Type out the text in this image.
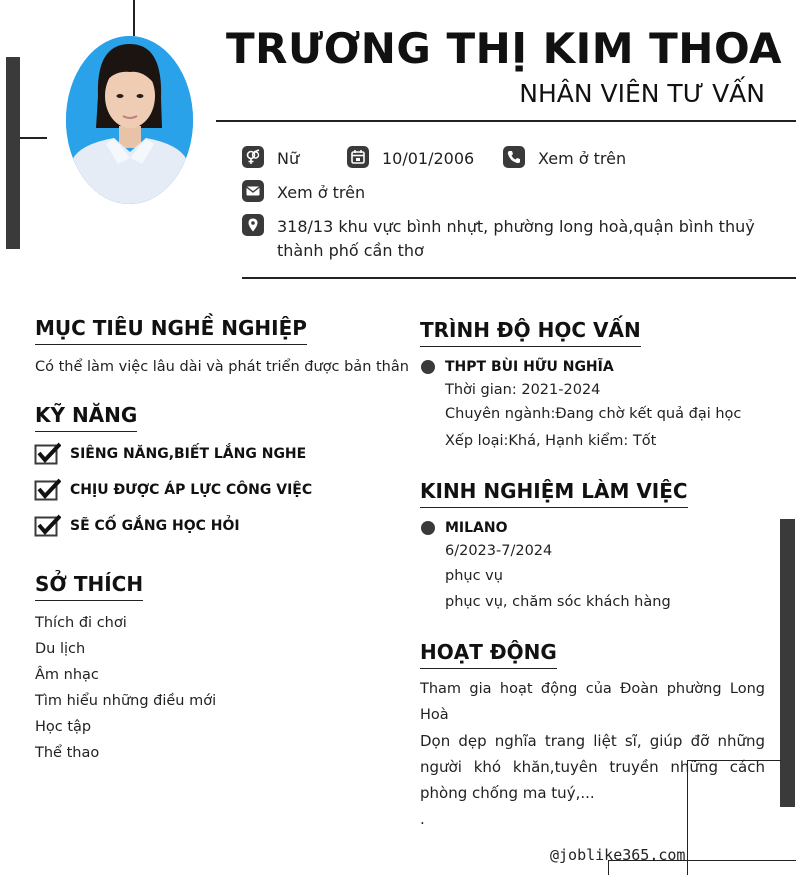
TRƯƠNG THỊ KIM THOA
NHÂN VIÊN TƯ VẤN
Nữ	10/01/2006	Xem ở trên
Xem ở trên
318/13 khu vực bình nhựt, phường long hoà,quận bình thuỷ
thành phố cần thơ
MỤC TIÊU NGHỀ NGHIỆP
Có thể làm việc lâu dài và phát triển được bản thân
KỸ NĂNG
SIÊNG NĂNG,BIẾT LẮNG NGHE
CHỊU ĐƯỢC ÁP LỰC CÔNG VIỆC
SẼ CỐ GẮNG HỌC HỎI
SỞ THÍCH
Thích đi chơi
Du lịch
Âm nhạc
Tìm hiểu những điều mới
Học tập
Thể thao
TRÌNH ĐỘ HỌC VẤN
THPT BÙI HỮU NGHĨA
Thời gian: 2021-2024
Chuyên ngành:Đang chờ kết quả đại học
Xếp loại:Khá, Hạnh kiểm: Tốt
KINH NGHIỆM LÀM VIỆC
MILANO
6/2023-7/2024
phục vụ
phục vụ, chăm sóc khách hàng
HOẠT ĐỘNG
Tham gia hoạt động của Đoàn phường Long Hoà
Dọn dẹp nghĩa trang liệt sĩ, giúp đỡ những người khó khăn,tuyên truyền những cách phòng chống ma tuý,...
.
@joblike365.com
